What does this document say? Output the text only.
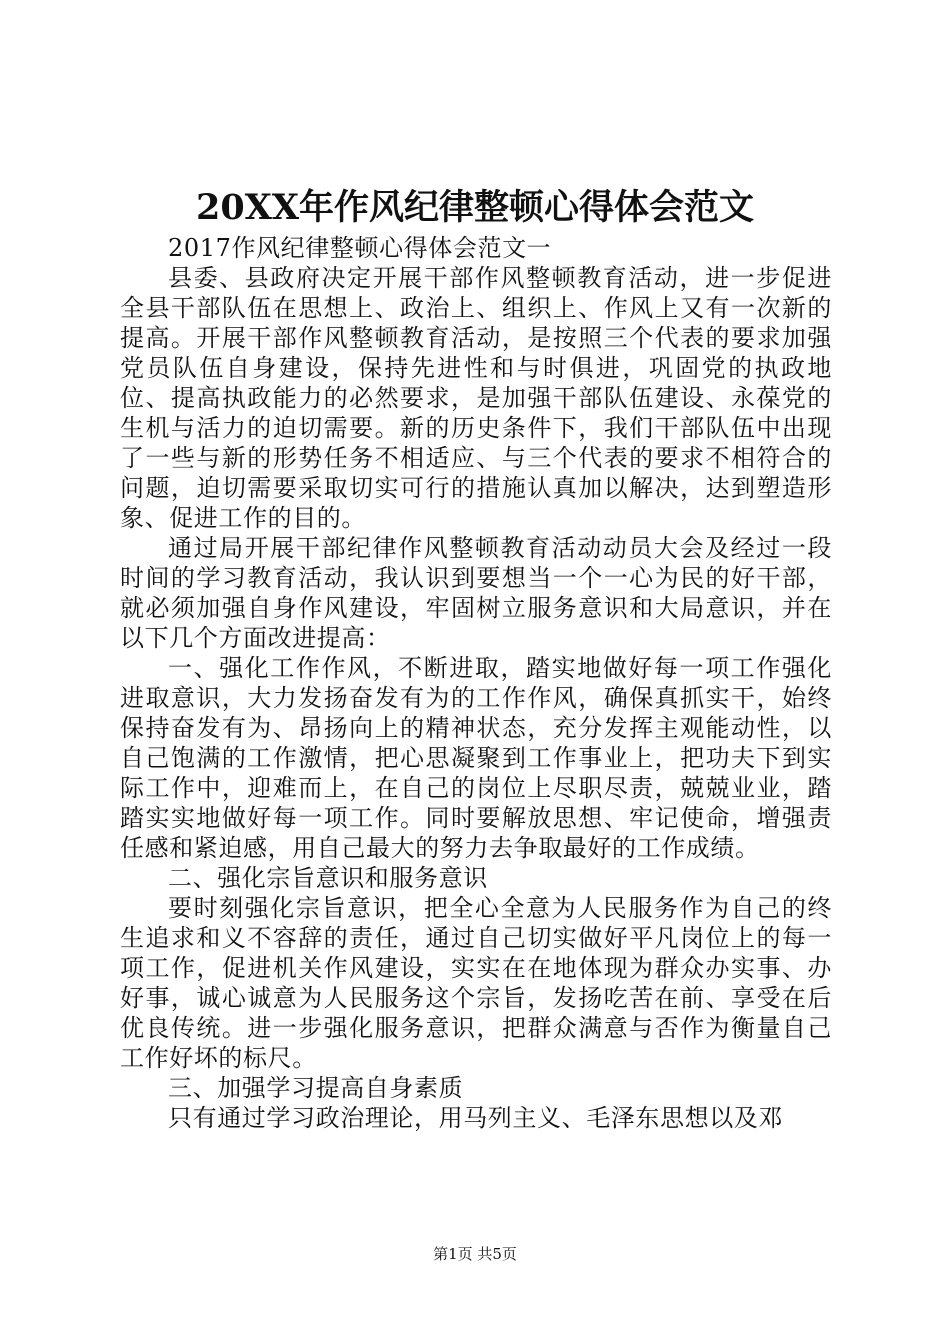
20XX年作风纪律整顿心得体会范文

2017作风纪律整顿心得体会范文一

县委、县政府决定开展干部作风整顿教育活动，进一步促进全县干部队伍在思想上、政治上、组织上、作风上又有一次新的提高。开展干部作风整顿教育活动，是按照三个代表的要求加强党员队伍自身建设，保持先进性和与时俱进，巩固党的执政地位、提高执政能力的必然要求，是加强干部队伍建设、永葆党的生机与活力的迫切需要。新的历史条件下，我们干部队伍中出现了一些与新的形势任务不相适应、与三个代表的要求不相符合的问题，迫切需要采取切实可行的措施认真加以解决，达到塑造形象、促进工作的目的。

通过局开展干部纪律作风整顿教育活动动员大会及经过一段时间的学习教育活动，我认识到要想当一个一心为民的好干部，就必须加强自身作风建设，牢固树立服务意识和大局意识，并在以下几个方面改进提高：

一、强化工作作风，不断进取，踏实地做好每一项工作强化进取意识，大力发扬奋发有为的工作作风，确保真抓实干，始终保持奋发有为、昂扬向上的精神状态，充分发挥主观能动性，以自己饱满的工作激情，把心思凝聚到工作事业上，把功夫下到实际工作中，迎难而上，在自己的岗位上尽职尽责，兢兢业业，踏踏实实地做好每一项工作。同时要解放思想、牢记使命，增强责任感和紧迫感，用自己最大的努力去争取最好的工作成绩。

二、强化宗旨意识和服务意识

要时刻强化宗旨意识，把全心全意为人民服务作为自己的终生追求和义不容辞的责任，通过自己切实做好平凡岗位上的每一项工作，促进机关作风建设，实实在在地体现为群众办实事、办好事，诚心诚意为人民服务这个宗旨，发扬吃苦在前、享受在后优良传统。进一步强化服务意识，把群众满意与否作为衡量自己工作好坏的标尺。

三、加强学习提高自身素质

只有通过学习政治理论，用马列主义、毛泽东思想以及邓

第1页 共5页
